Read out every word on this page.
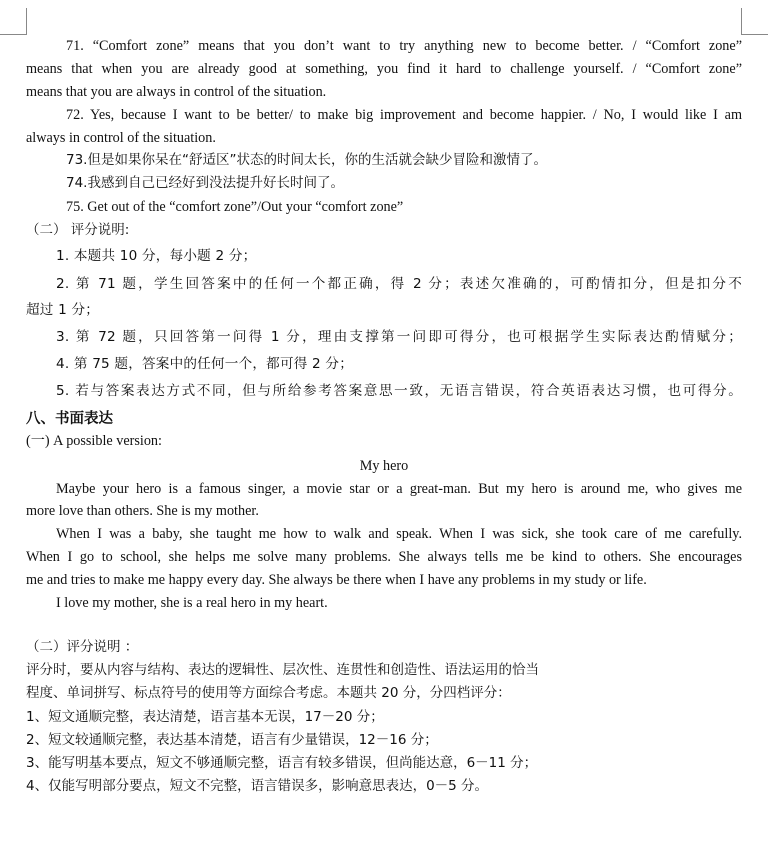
71. “Comfort zone” means that you don’t want to try anything new to become better. / “Comfort zone”
means that when you are already good at something, you find it hard to challenge yourself. / “Comfort zone”
means that you are always in control of the situation.
72. Yes, because I want to be better/ to make big improvement and become happier. / No, I would like I am
always in control of the situation.
73.但是如果你呆在“舒适区”状态的时间太长，你的生活就会缺少冒险和激情了。
74.我感到自己已经好到没法提升好长时间了。
75. Get out of the “comfort zone”/Out your “comfort zone”
（二） 评分说明:
1. 本题共 10 分，每小题 2 分；
2. 第 71 题，学生回答案中的任何一个都正确，得 2 分；表述欠准确的，可酌情扣分，但是扣分不
超过 1 分；
3. 第 72 题，只回答第一问得 1 分，理由支撑第一问即可得分，也可根据学生实际表达酌情赋分；
4. 第 75 题，答案中的任何一个，都可得 2 分；
5. 若与答案表达方式不同，但与所给参考答案意思一致，无语言错误，符合英语表达习惯，也可得分。
八、书面表达
(一) A possible version:
My hero
Maybe your hero is a famous singer, a movie star or a great-man. But my hero is around me, who gives me
more love than others. She is my mother.
When I was a baby, she taught me how to walk and speak. When I was sick, she took care of me carefully.
When I go to school, she helps me solve many problems. She always tells me be kind to others. She encourages
me and tries to make me happy every day. She always be there when I have any problems in my study or life.
I love my mother, she is a real hero in my heart.
（二）评分说明 ：
评分时，要从内容与结构、表达的逻辑性、层次性、连贯性和创造性、语法运用的恰当
程度、单词拼写、标点符号的使用等方面综合考虑。本题共 20 分，分四档评分：
1、短文通顺完整，表达清楚，语言基本无误，17－20 分；
2、短文较通顺完整，表达基本清楚，语言有少量错误，12－16 分；
3、能写明基本要点，短文不够通顺完整，语言有较多错误，但尚能达意，6－11 分；
4、仅能写明部分要点，短文不完整，语言错误多，影响意思表达，0－5 分。
